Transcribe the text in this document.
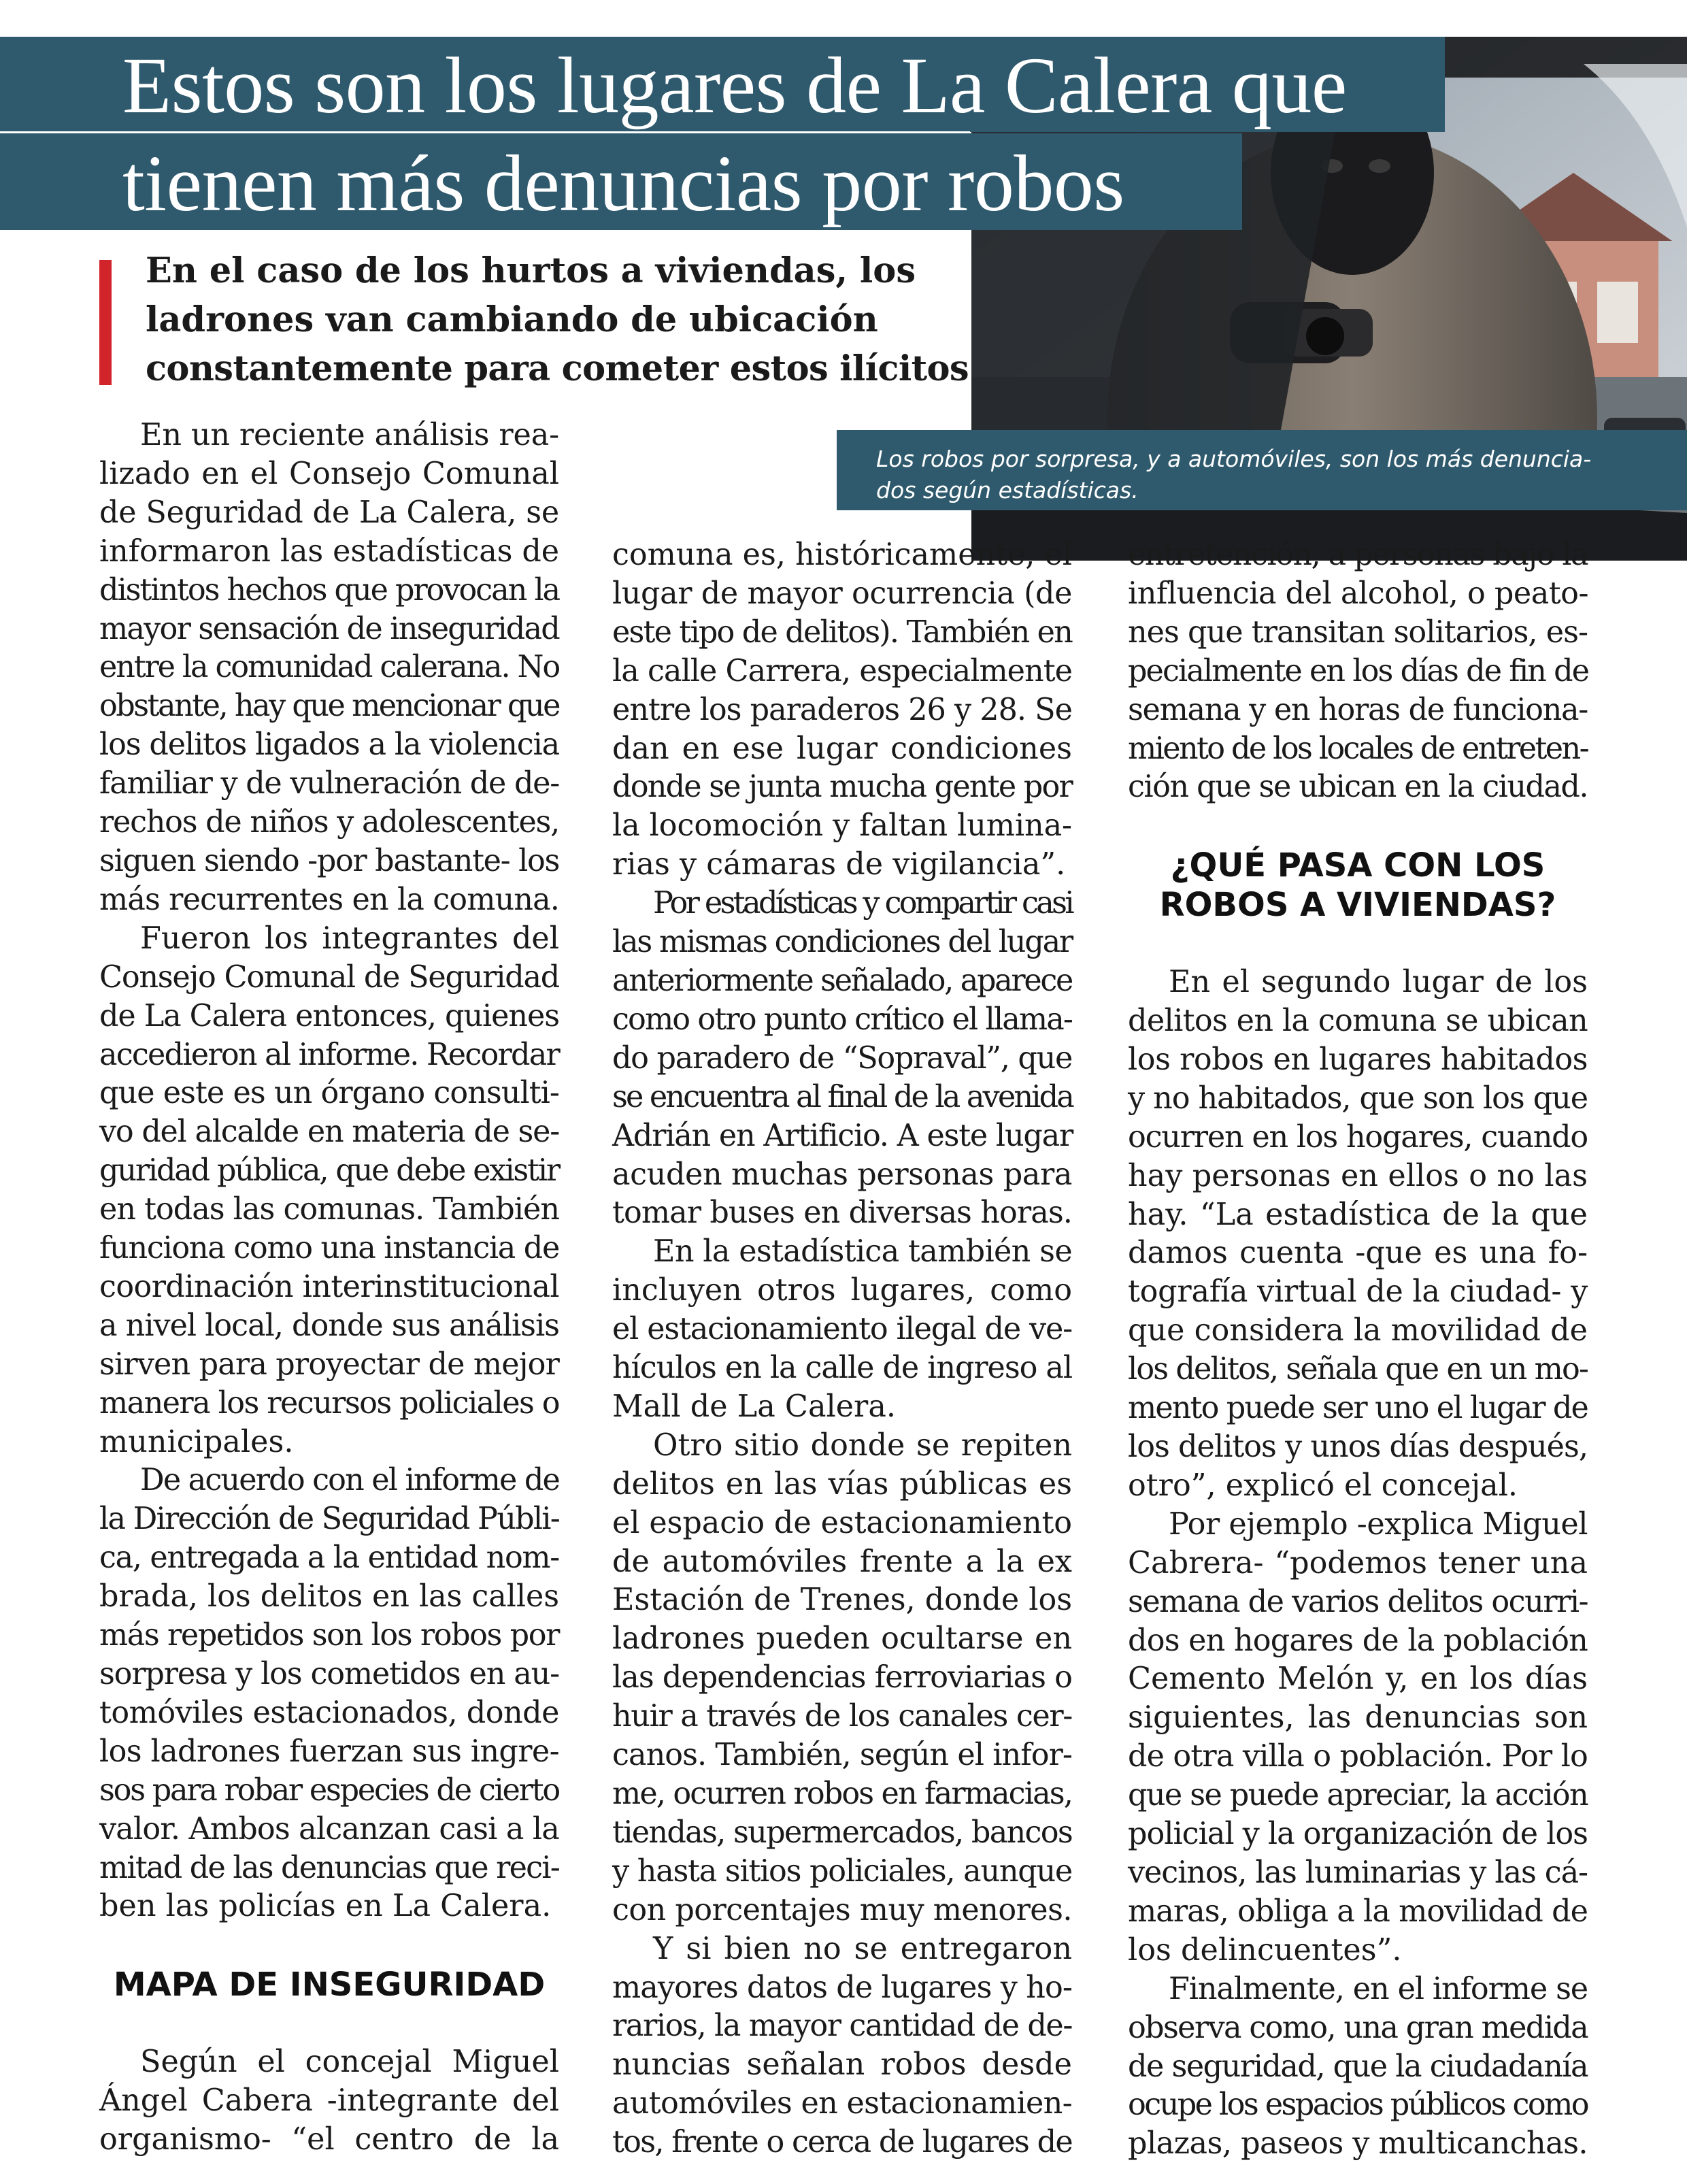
Estos son los lugares de La Calera que
tienen más denuncias por robos
Los robos por sorpresa, y a automóviles, son los más denuncia-
dos según estadísticas.
En el caso de los hurtos a viviendas, los
ladrones van cambiando de ubicación
constantemente para cometer estos ilícitos
En un reciente análisis rea-
lizado en el Consejo Comunal
de Seguridad de La Calera, se
informaron las estadísticas de
distintos hechos que provocan la
mayor sensación de inseguridad
entre la comunidad calerana. No
obstante, hay que mencionar que
los delitos ligados a la violencia
familiar y de vulneración de de-
rechos de niños y adolescentes,
siguen siendo -por bastante- los
más recurrentes en la comuna.
Fueron los integrantes del
Consejo Comunal de Seguridad
de La Calera entonces, quienes
accedieron al informe. Recordar
que este es un órgano consulti-
vo del alcalde en materia de se-
guridad pública, que debe existir
en todas las comunas. También
funciona como una instancia de
coordinación interinstitucional
a nivel local, donde sus análisis
sirven para proyectar de mejor
manera los recursos policiales o
municipales.
De acuerdo con el informe de
la Dirección de Seguridad Públi-
ca, entregada a la entidad nom-
brada, los delitos en las calles
más repetidos son los robos por
sorpresa y los cometidos en au-
tomóviles estacionados, donde
los ladrones fuerzan sus ingre-
sos para robar especies de cierto
valor. Ambos alcanzan casi a la
mitad de las denuncias que reci-
ben las policías en La Calera.
MAPA DE INSEGURIDAD
Según el concejal Miguel
Ángel Cabera -integrante del
organismo- “el centro de la
comuna es, históricamente, el
lugar de mayor ocurrencia (de
este tipo de delitos). También en
la calle Carrera, especialmente
entre los paraderos 26 y 28. Se
dan en ese lugar condiciones
donde se junta mucha gente por
la locomoción y faltan lumina-
rias y cámaras de vigilancia”.
Por estadísticas y compartir casi
las mismas condiciones del lugar
anteriormente señalado, aparece
como otro punto crítico el llama-
do paradero de “Sopraval”, que
se encuentra al final de la avenida
Adrián en Artificio. A este lugar
acuden muchas personas para
tomar buses en diversas horas.
En la estadística también se
incluyen otros lugares, como
el estacionamiento ilegal de ve-
hículos en la calle de ingreso al
Mall de La Calera.
Otro sitio donde se repiten
delitos en las vías públicas es
el espacio de estacionamiento
de automóviles frente a la ex
Estación de Trenes, donde los
ladrones pueden ocultarse en
las dependencias ferroviarias o
huir a través de los canales cer-
canos. También, según el infor-
me, ocurren robos en farmacias,
tiendas, supermercados, bancos
y hasta sitios policiales, aunque
con porcentajes muy menores.
Y si bien no se entregaron
mayores datos de lugares y ho-
rarios, la mayor cantidad de de-
nuncias señalan robos desde
automóviles en estacionamien-
tos, frente o cerca de lugares de
entretención, a personas bajo la
influencia del alcohol, o peato-
nes que transitan solitarios, es-
pecialmente en los días de fin de
semana y en horas de funciona-
miento de los locales de entreten-
ción que se ubican en la ciudad.
¿QUÉ PASA CON LOS
ROBOS A VIVIENDAS?
En el segundo lugar de los
delitos en la comuna se ubican
los robos en lugares habitados
y no habitados, que son los que
ocurren en los hogares, cuando
hay personas en ellos o no las
hay. “La estadística de la que
damos cuenta -que es una fo-
tografía virtual de la ciudad- y
que considera la movilidad de
los delitos, señala que en un mo-
mento puede ser uno el lugar de
los delitos y unos días después,
otro”, explicó el concejal.
Por ejemplo -explica Miguel
Cabrera- “podemos tener una
semana de varios delitos ocurri-
dos en hogares de la población
Cemento Melón y, en los días
siguientes, las denuncias son
de otra villa o población. Por lo
que se puede apreciar, la acción
policial y la organización de los
vecinos, las luminarias y las cá-
maras, obliga a la movilidad de
los delincuentes”.
Finalmente, en el informe se
observa como, una gran medida
de seguridad, que la ciudadanía
ocupe los espacios públicos como
plazas, paseos y multicanchas.
